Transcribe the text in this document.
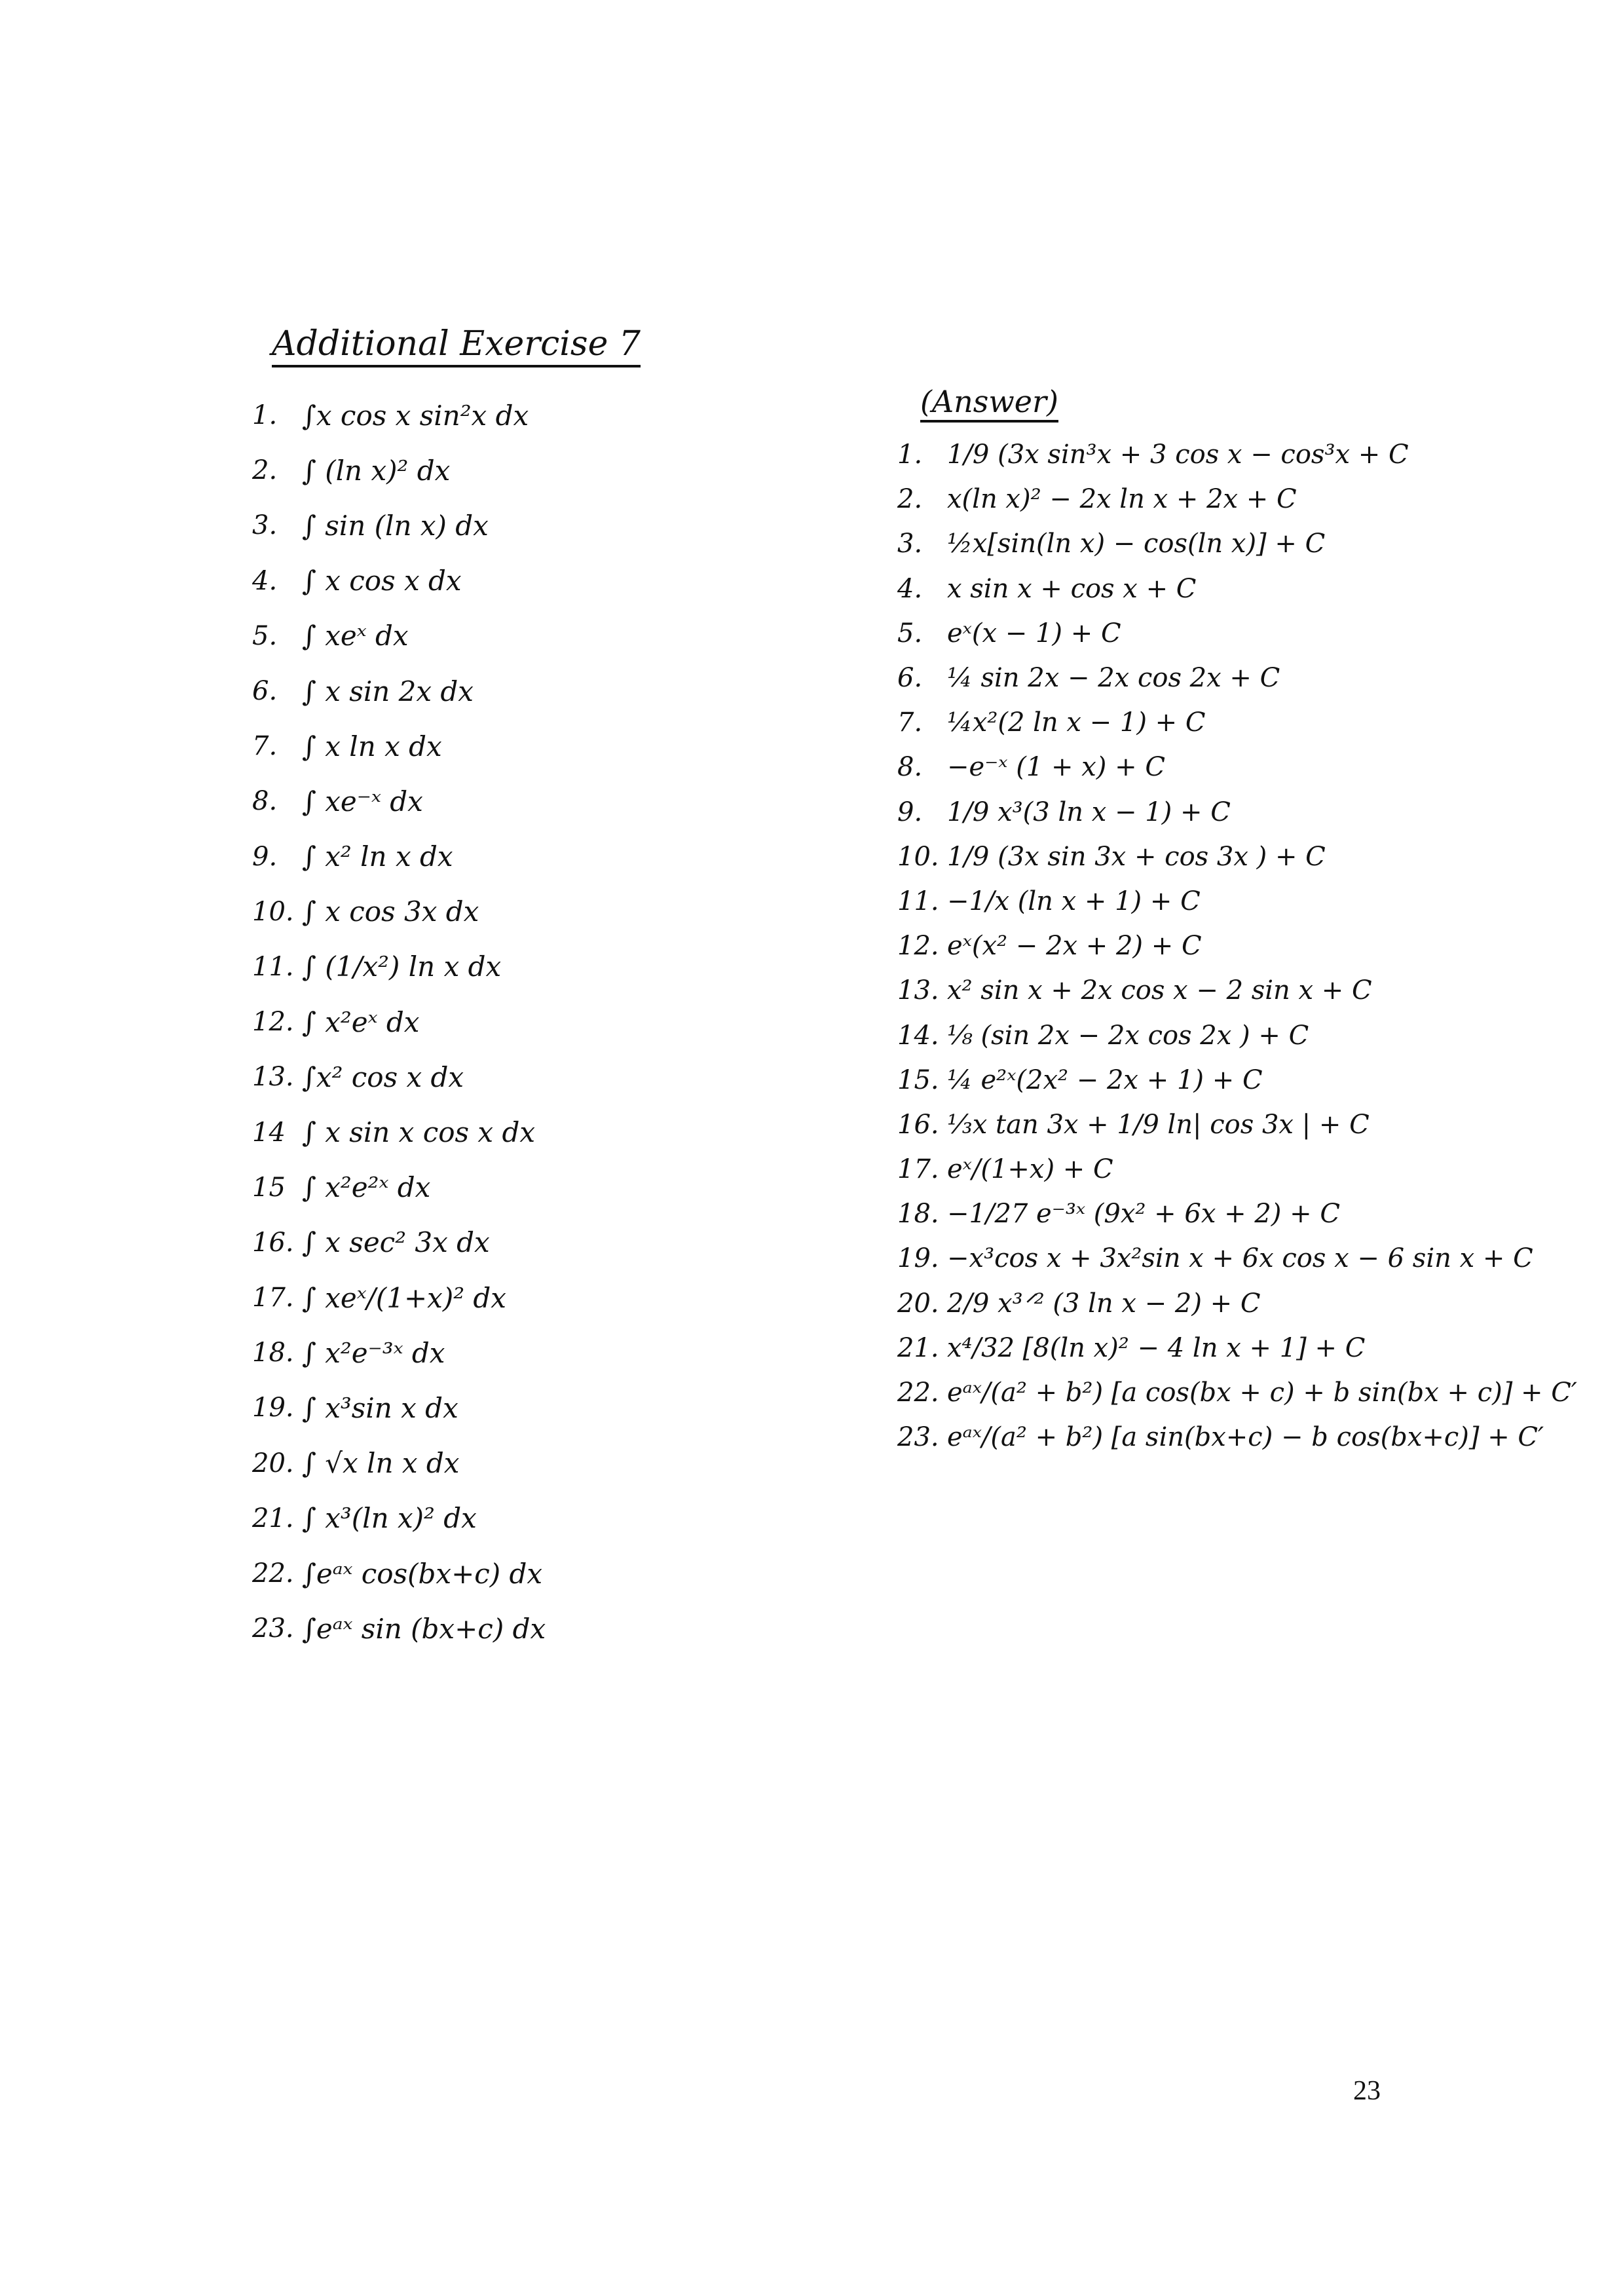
Additional Exercise 7
1. ∫x cos x sin²x dx
2. ∫ (ln x)² dx
3. ∫ sin (ln x) dx
4. ∫ x cos x dx
5. ∫ xeˣ dx
6. ∫ x sin 2x dx
7. ∫ x ln x dx
8. ∫ xe⁻ˣ dx
9. ∫ x² ln x dx
10. ∫ x cos 3x dx
11. ∫ (1/x²) ln x dx
12. ∫ x²eˣ dx
13. ∫x² cos x dx
14 ∫ x sin x cos x dx
15 ∫ x²e²ˣ dx
16. ∫ x sec² 3x dx
17. ∫ xeˣ/(1+x)² dx
18. ∫ x²e⁻³ˣ dx
19. ∫ x³sin x dx
20. ∫ √x ln x dx
21. ∫ x³(ln x)² dx
22. ∫eᵃˣ cos(bx+c) dx
23. ∫eᵃˣ sin (bx+c) dx
(Answer)
1. 1/9 (3x sin³x + 3 cos x − cos³x + C
2. x(ln x)² − 2x ln x + 2x + C
3. ½x[sin(ln x) − cos(ln x)] + C
4. x sin x + cos x + C
5. eˣ(x − 1) + C
6. ¼ sin 2x − 2x cos 2x + C
7. ¼x²(2 ln x − 1) + C
8. −e⁻ˣ (1 + x) + C
9. 1/9 x³(3 ln x − 1) + C
10. 1/9 (3x sin 3x + cos 3x ) + C
11. −1/x (ln x + 1) + C
12. eˣ(x² − 2x + 2) + C
13. x² sin x + 2x cos x − 2 sin x + C
14. ⅛ (sin 2x − 2x cos 2x ) + C
15. ¼ e²ˣ(2x² − 2x + 1) + C
16. ⅓x tan 3x + 1/9 ln| cos 3x | + C
17. eˣ/(1+x) + C
18. −1/27 e⁻³ˣ (9x² + 6x + 2) + C
19. −x³cos x + 3x²sin x + 6x cos x − 6 sin x + C
20. 2/9 x³ᐟ² (3 ln x − 2) + C
21. x⁴/32 [8(ln x)² − 4 ln x + 1] + C
22. eᵃˣ/(a² + b²) [a cos(bx + c) + b sin(bx + c)] + C′
23. eᵃˣ/(a² + b²) [a sin(bx+c) − b cos(bx+c)] + C′
23
